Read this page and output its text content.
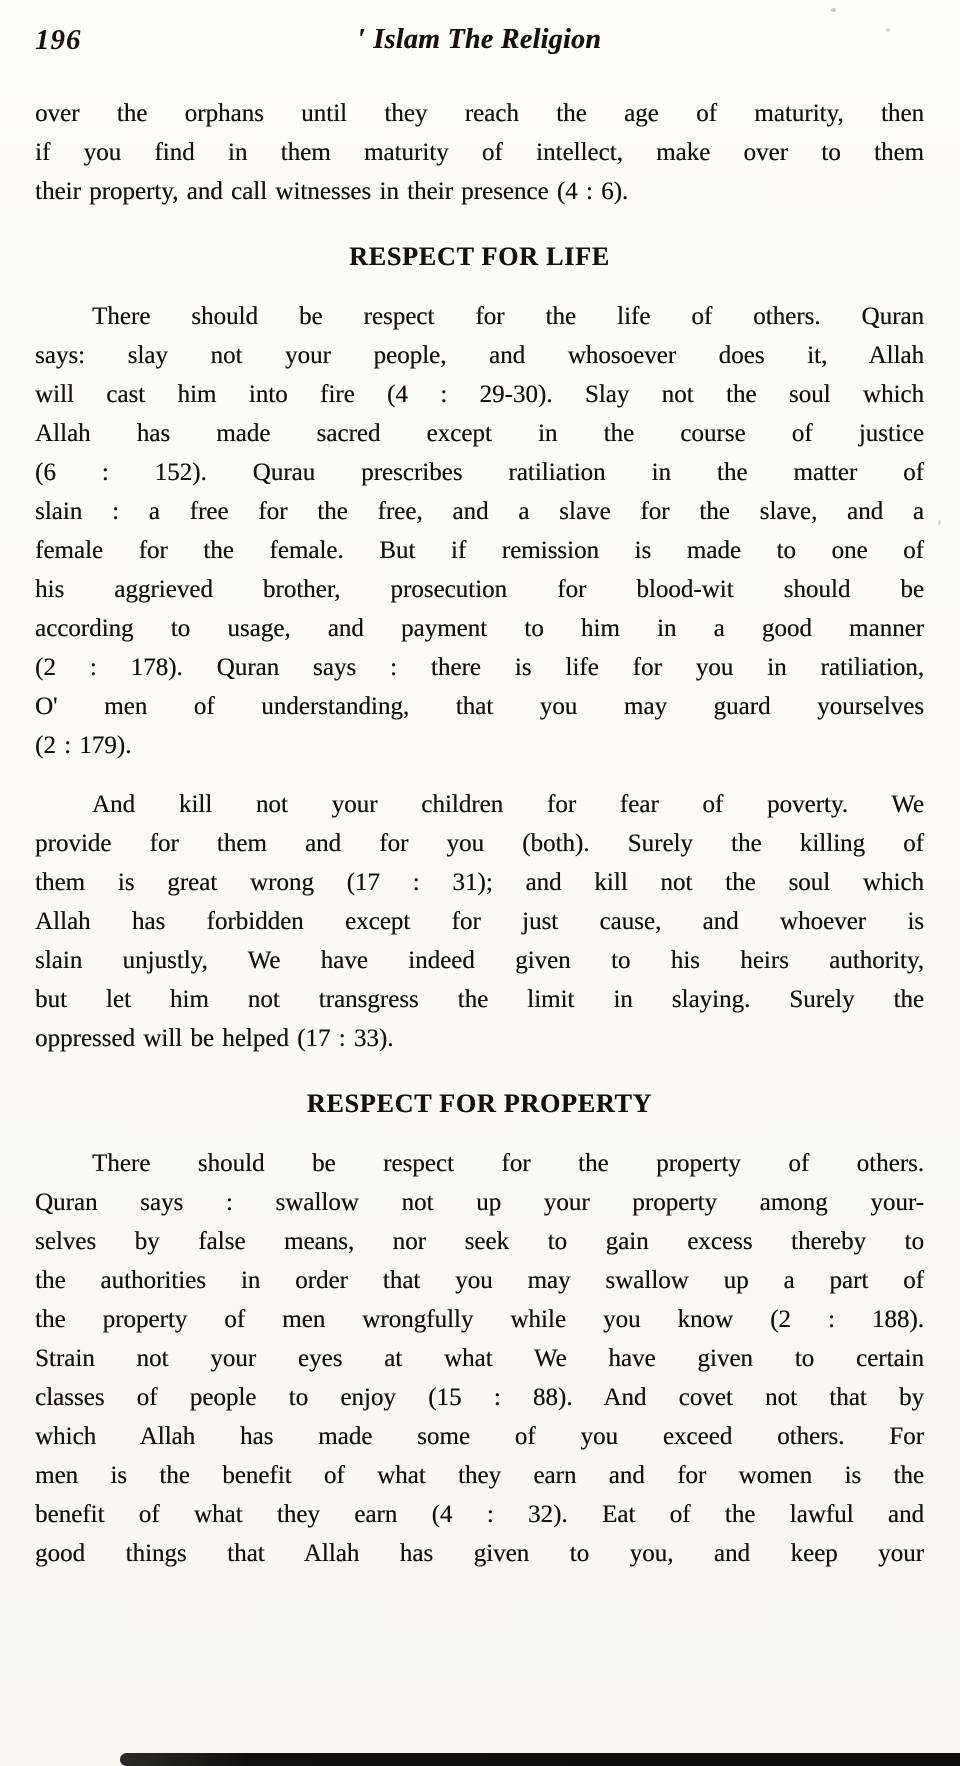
196	′ Islam The Religion
over the orphans until they reach the age of maturity, then
if you find in them maturity of intellect, make over to them
their property, and call witnesses in their presence (4 : 6).
RESPECT FOR LIFE
There should be respect for the life of others. Quran
says: slay not your people, and whosoever does it, Allah
will cast him into fire (4 : 29-30). Slay not the soul which
Allah has made sacred except in the course of justice
(6 : 152). Qurau prescribes ratiliation in the matter of
slain : a free for the free, and a slave for the slave, and a
female for the female. But if remission is made to one of
his aggrieved brother, prosecution for blood-wit should be
according to usage, and payment to him in a good manner
(2 : 178). Quran says : there is life for you in ratiliation,
O' men of understanding, that you may guard yourselves
(2 : 179).
And kill not your children for fear of poverty. We
provide for them and for you (both). Surely the killing of
them is great wrong (17 : 31); and kill not the soul which
Allah has forbidden except for just cause, and whoever is
slain unjustly, We have indeed given to his heirs authority,
but let him not transgress the limit in slaying. Surely the
oppressed will be helped (17 : 33).
RESPECT FOR PROPERTY
There should be respect for the property of others.
Quran says : swallow not up your property among your-
selves by false means, nor seek to gain excess thereby to
the authorities in order that you may swallow up a part of
the property of men wrongfully while you know (2 : 188).
Strain not your eyes at what We have given to certain
classes of people to enjoy (15 : 88). And covet not that by
which Allah has made some of you exceed others. For
men is the benefit of what they earn and for women is the
benefit of what they earn (4 : 32). Eat of the lawful and
good things that Allah has given to you, and keep your
